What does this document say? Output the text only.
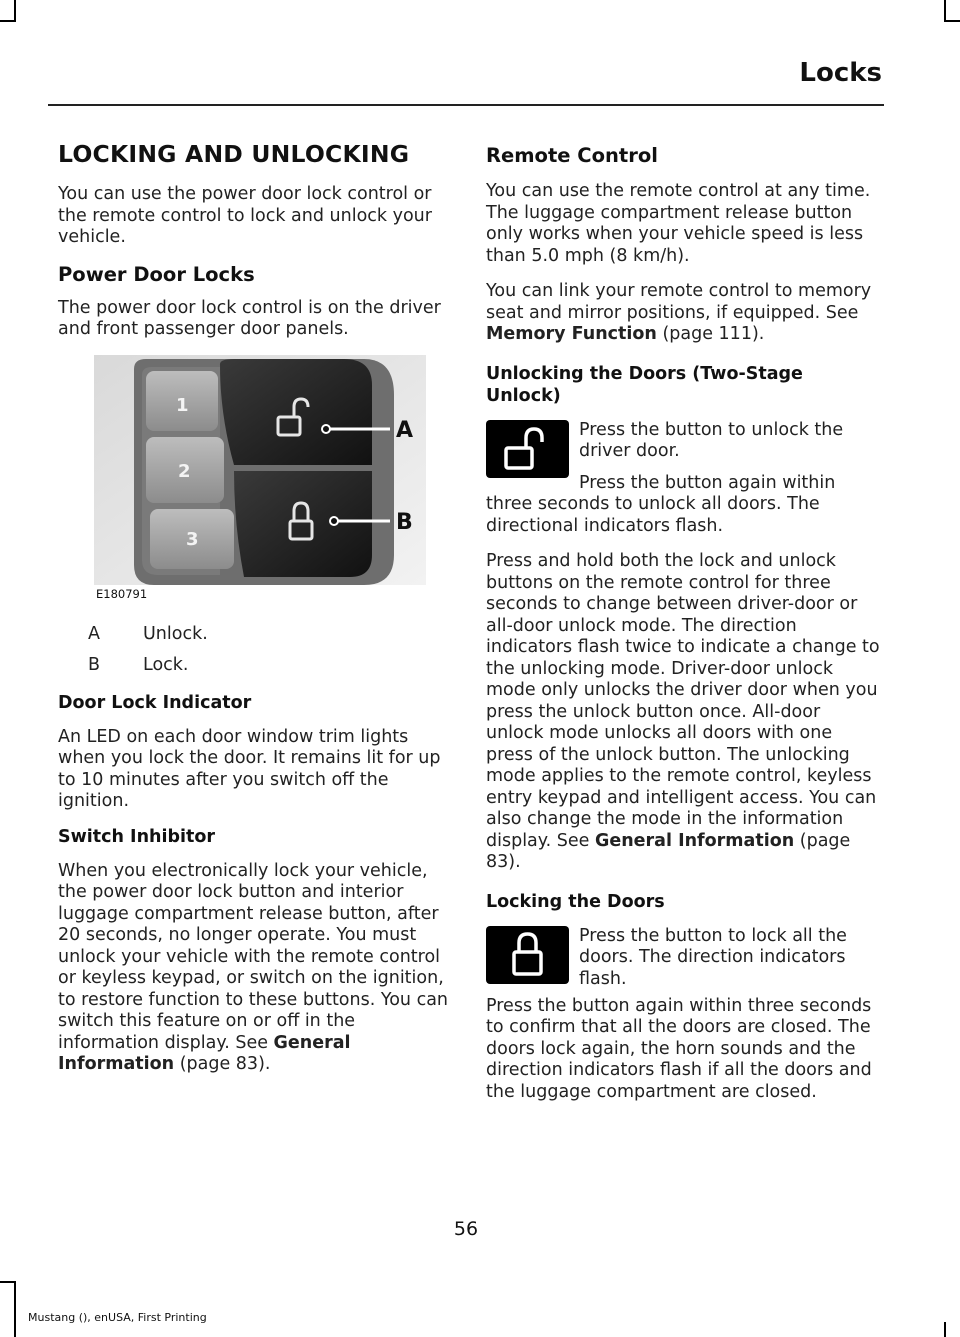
Locks
LOCKING AND UNLOCKING

You can use the power door lock control or the remote control to lock and unlock your vehicle.

Power Door Locks

The power door lock control is on the driver and front passenger door panels.

1
2
3
A
B
E180791
A	Unlock.
B	Lock.
Door Lock Indicator

An LED on each door window trim lights when you lock the door. It remains lit for up to 10 minutes after you switch off the ignition.

Switch Inhibitor

When you electronically lock your vehicle, the power door lock button and interior luggage compartment release button, after 20 seconds, no longer operate. You must unlock your vehicle with the remote control or keyless keypad, or switch on the ignition, to restore function to these buttons. You can switch this feature on or off in the information display. See General Information (page 83).

Remote Control

You can use the remote control at any time. The luggage compartment release button only works when your vehicle speed is less than 5.0 mph (8 km/h).

You can link your remote control to memory seat and mirror positions, if equipped. See Memory Function (page 111).

Unlocking the Doors (Two-Stage Unlock)

Press the button to unlock the driver door.

Press the button again within three seconds to unlock all doors. The directional indicators flash.

Press and hold both the lock and unlock buttons on the remote control for three seconds to change between driver-door or all-door unlock mode. The direction indicators flash twice to indicate a change to the unlocking mode. Driver-door unlock mode only unlocks the driver door when you press the unlock button once. All-door unlock mode unlocks all doors with one press of the unlock button. The unlocking mode applies to the remote control, keyless entry keypad and intelligent access. You can also change the mode in the information display. See General Information (page 83).

Locking the Doors

Press the button to lock all the doors. The direction indicators flash.

Press the button again within three seconds to confirm that all the doors are closed. The doors lock again, the horn sounds and the direction indicators flash if all the doors and the luggage compartment are closed.

56
Mustang (), enUSA, First Printing
